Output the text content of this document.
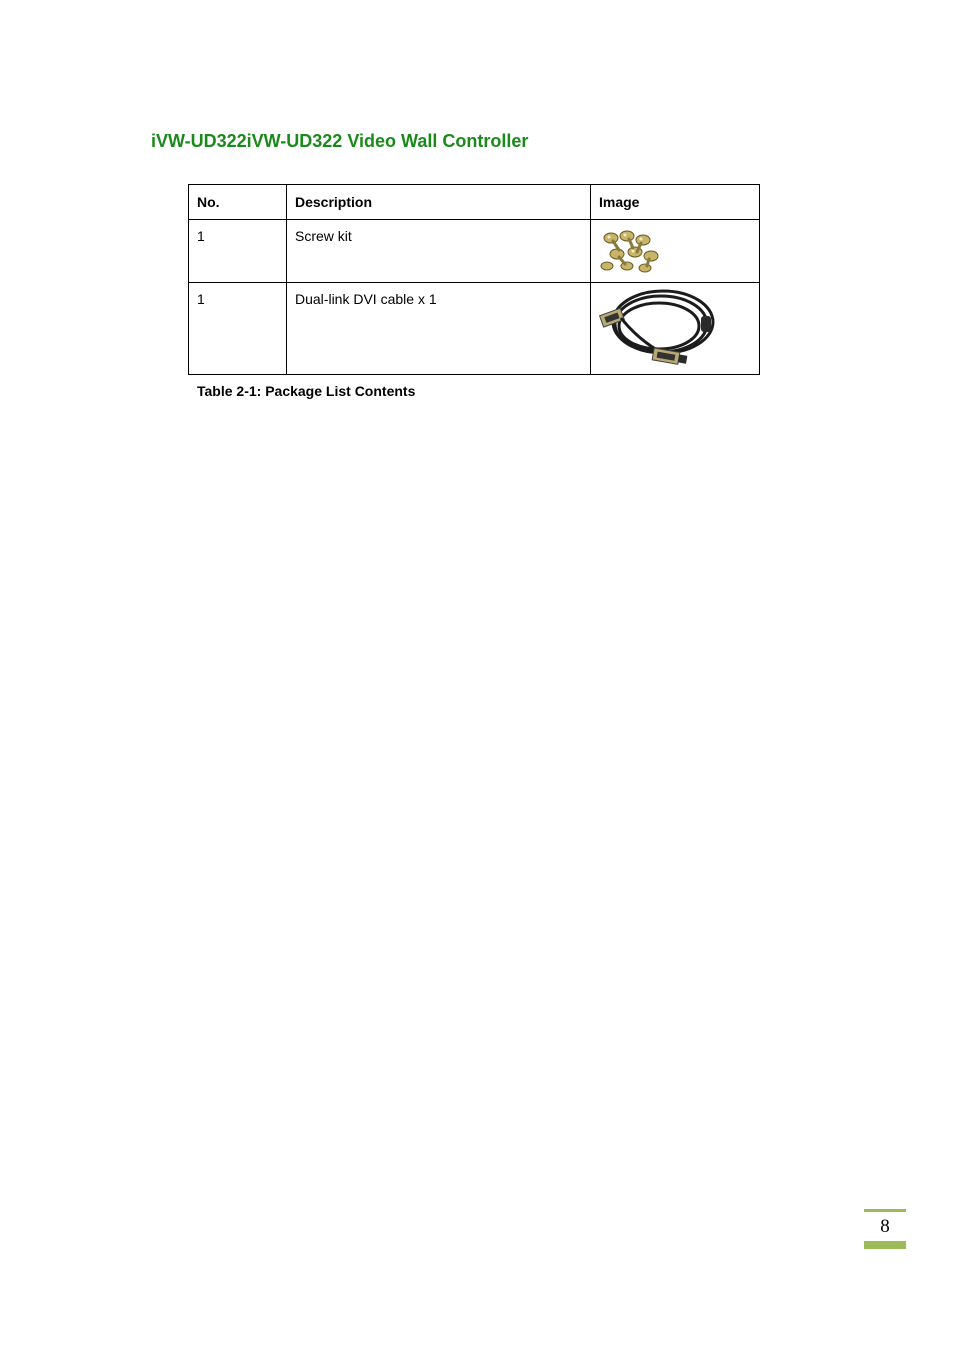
iVW-UD322iVW-UD322 Video Wall Controller
No.	Description	Image
1	Screw kit	

1	Dual-link DVI cable x 1	
Table 2-1: Package List Contents
8
